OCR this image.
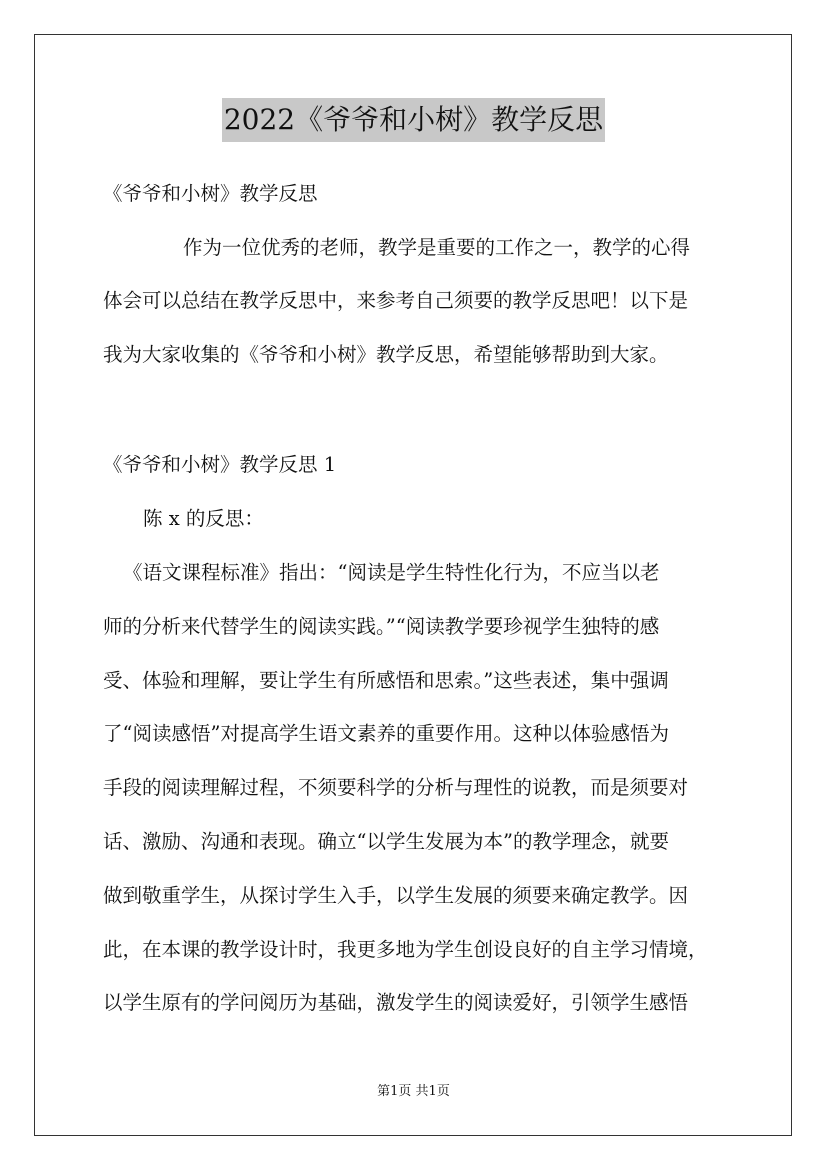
2022《爷爷和小树》教学反思
《爷爷和小树》教学反思
作为一位优秀的老师，教学是重要的工作之一，教学的心得
体会可以总结在教学反思中，来参考自己须要的教学反思吧！以下是
我为大家收集的《爷爷和小树》教学反思，希望能够帮助到大家。
《爷爷和小树》教学反思 1
陈 x 的反思：
《语文课程标准》指出：“阅读是学生特性化行为，不应当以老
师的分析来代替学生的阅读实践。”“阅读教学要珍视学生独特的感
受、体验和理解，要让学生有所感悟和思索。”这些表述，集中强调
了“阅读感悟”对提高学生语文素养的重要作用。这种以体验感悟为
手段的阅读理解过程，不须要科学的分析与理性的说教，而是须要对
话、激励、沟通和表现。确立“以学生发展为本”的教学理念，就要
做到敬重学生，从探讨学生入手，以学生发展的须要来确定教学。因
此，在本课的教学设计时，我更多地为学生创设良好的自主学习情境，
以学生原有的学问阅历为基础，激发学生的阅读爱好，引领学生感悟
第1页 共1页
